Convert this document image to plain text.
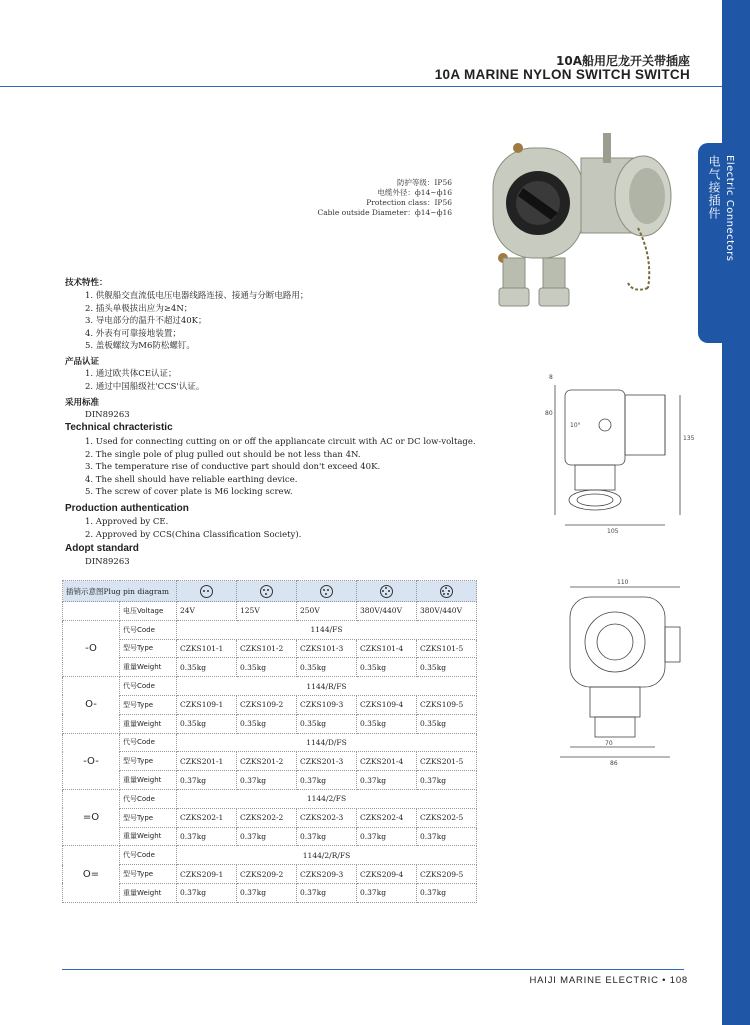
电气接插件 Electric Connectors
10A船用尼龙开关带插座
10A MARINE NYLON SWITCH SWITCH
防护等级：IP56
电缆外径：ф14~ф16
Protection class：IP56
Cable outside Diameter：ф14~ф16
技术特性：
1. 供舰船交直流低电压电器线路连接、接通与分断电路用；
2. 插头单极拔出应为≥4N；
3. 导电部分的温升不超过40K；
4. 外表有可靠接地装置；
5. 盖板螺纹为M6防松螺钉。
产品认证
1. 通过欧共体CE认证；
2. 通过中国船级社'CCS'认证。
采用标准
DIN89263
Technical chracteristic
1. Used for connecting cutting on or off the appliancate circuit with AC or DC low-voltage.
2. The single pole of plug pulled out should be not less than 4N.
3. The temperature rise of conductive part should don't exceed 40K.
4. The shell should have reliable earthing device.
5. The screw of cover plate is M6 locking screw.
Production authentication
1. Approved by CE.
2. Approved by CCS(China Classification Society).
Adopt standard
DIN89263
8
80
10°
135
105
110
70
86
插销示意图Plug pin diagram		

	电压Voltage	24V	125V	250V	380V/440V	380V/440V
-O	代号Code	1144/FS				
	型号Type	CZKS101-1	CZKS101-2	CZKS101-3	CZKS101-4	CZKS101-5
	重量Weight	0.35kg	0.35kg	0.35kg	0.35kg	0.35kg
O-	代号Code	1144/R/FS				
	型号Type	CZKS109-1	CZKS109-2	CZKS109-3	CZKS109-4	CZKS109-5
	重量Weight	0.35kg	0.35kg	0.35kg	0.35kg	0.35kg
-O-	代号Code	1144/D/FS				
	型号Type	CZKS201-1	CZKS201-2	CZKS201-3	CZKS201-4	CZKS201-5
	重量Weight	0.37kg	0.37kg	0.37kg	0.37kg	0.37kg
=O	代号Code	1144/2/FS				
	型号Type	CZKS202-1	CZKS202-2	CZKS202-3	CZKS202-4	CZKS202-5
	重量Weight	0.37kg	0.37kg	0.37kg	0.37kg	0.37kg
O=	代号Code	1144/2/R/FS				
	型号Type	CZKS209-1	CZKS209-2	CZKS209-3	CZKS209-4	CZKS209-5
	重量Weight	0.37kg	0.37kg	0.37kg	0.37kg	0.37kg
HAIJI MARINE ELECTRIC • 108
